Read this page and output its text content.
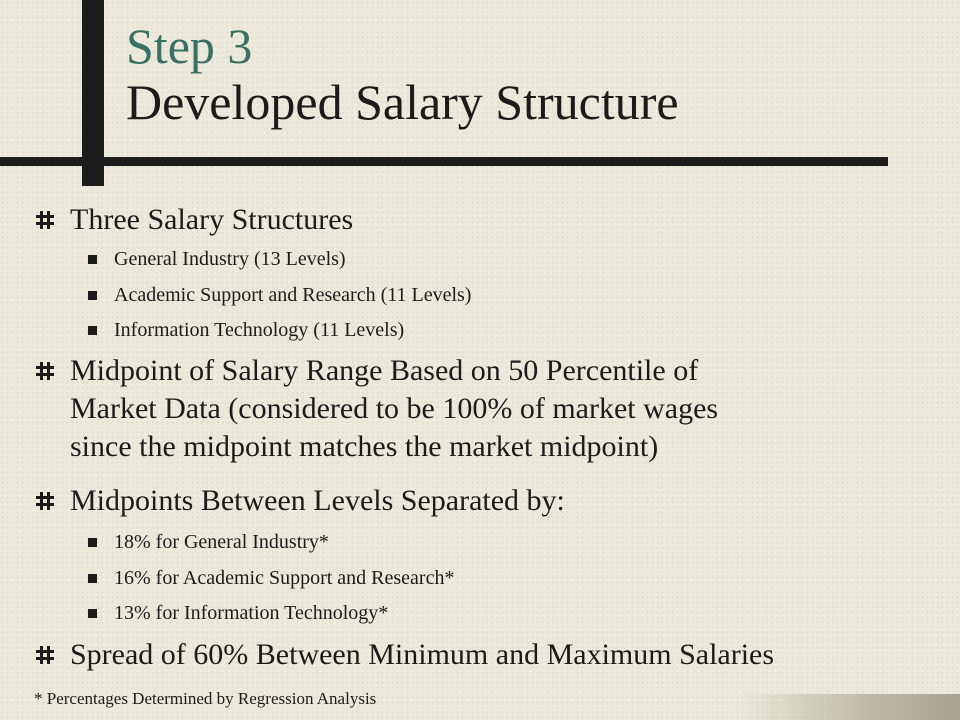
Step 3
Developed Salary Structure
Three Salary Structures
General Industry (13 Levels)
Academic Support and Research (11 Levels)
Information Technology (11 Levels)
Midpoint of Salary Range Based on 50 Percentile of
Market Data (considered to be 100% of market wages
since the midpoint matches the market midpoint)
Midpoints Between Levels Separated by:
18% for General Industry*
16% for Academic Support and Research*
13% for Information Technology*
Spread of 60% Between Minimum and Maximum Salaries
* Percentages Determined by Regression Analysis
